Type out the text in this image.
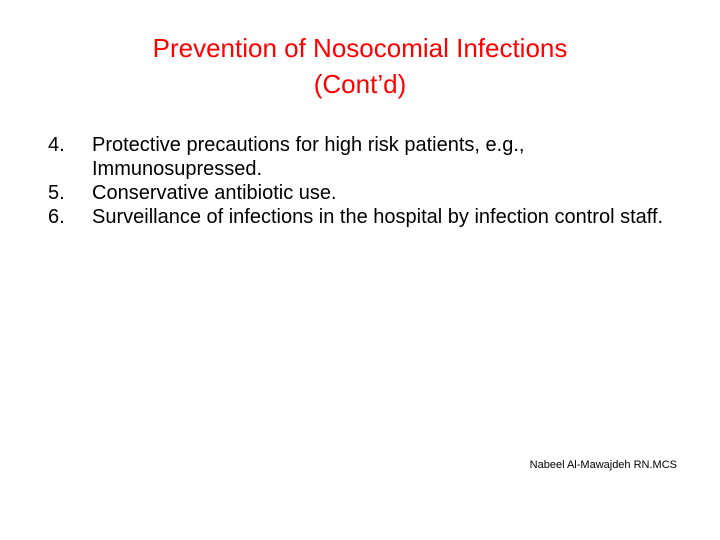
Prevention of Nosocomial Infections
(Cont’d)
4. Protective precautions for high risk patients, e.g., Immunosupressed.
5. Conservative antibiotic use.
6. Surveillance of infections in the hospital by infection control staff.
Nabeel Al-Mawajdeh RN.MCS
